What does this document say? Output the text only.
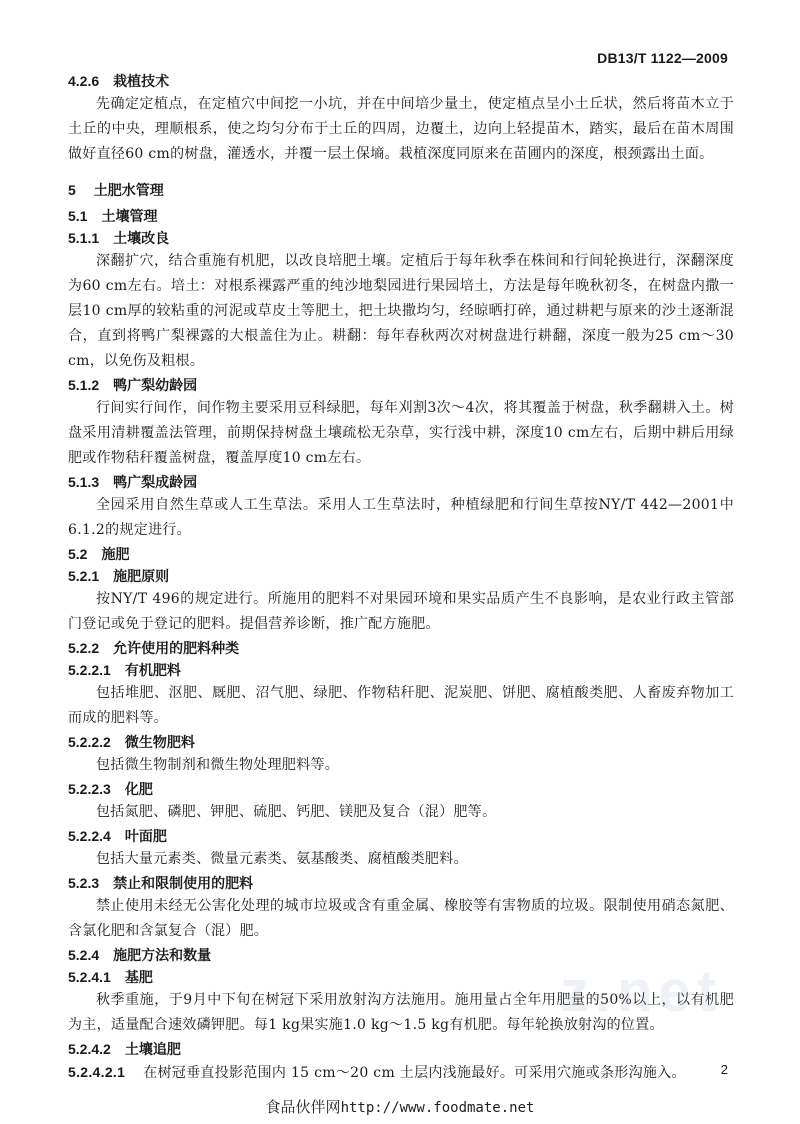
DB13/T 1122—2009
4.2.6 栽植技术

先确定定植点，在定植穴中间挖一小坑，并在中间培少量土，使定植点呈小土丘状，然后将苗木立于土丘的中央，理顺根系，使之均匀分布于土丘的四周，边覆土，边向上轻提苗木，踏实，最后在苗木周围做好直径60 cm的树盘，灌透水，并覆一层土保墒。栽植深度同原来在苗圃内的深度，根颈露出土面。

5 土肥水管理
5.1 土壤管理
5.1.1 土壤改良

深翻扩穴，结合重施有机肥，以改良培肥土壤。定植后于每年秋季在株间和行间轮换进行，深翻深度为60 cm左右。培土：对根系裸露严重的纯沙地梨园进行果园培土，方法是每年晚秋初冬，在树盘内撒一层10 cm厚的较粘重的河泥或草皮土等肥土，把土块撒均匀，经晾晒打碎，通过耕耙与原来的沙土逐渐混合，直到将鸭广梨裸露的大根盖住为止。耕翻：每年春秋两次对树盘进行耕翻，深度一般为25 cm～30 cm，以免伤及粗根。

5.1.2 鸭广梨幼龄园

行间实行间作，间作物主要采用豆科绿肥，每年刈割3次～4次，将其覆盖于树盘，秋季翻耕入土。树盘采用清耕覆盖法管理，前期保持树盘土壤疏松无杂草，实行浅中耕，深度10 cm左右，后期中耕后用绿肥或作物秸秆覆盖树盘，覆盖厚度10 cm左右。

5.1.3 鸭广梨成龄园

全园采用自然生草或人工生草法。采用人工生草法时，种植绿肥和行间生草按NY/T 442—2001中6.1.2的规定进行。

5.2 施肥
5.2.1 施肥原则

按NY/T 496的规定进行。所施用的肥料不对果园环境和果实品质产生不良影响，是农业行政主管部门登记或免于登记的肥料。提倡营养诊断，推广配方施肥。

5.2.2 允许使用的肥料种类
5.2.2.1 有机肥料

包括堆肥、沤肥、厩肥、沼气肥、绿肥、作物秸秆肥、泥炭肥、饼肥、腐植酸类肥、人畜废弃物加工而成的肥料等。

5.2.2.2 微生物肥料

包括微生物制剂和微生物处理肥料等。

5.2.2.3 化肥

包括氮肥、磷肥、钾肥、硫肥、钙肥、镁肥及复合（混）肥等。

5.2.2.4 叶面肥

包括大量元素类、微量元素类、氨基酸类、腐植酸类肥料。

5.2.3 禁止和限制使用的肥料

禁止使用未经无公害化处理的城市垃圾或含有重金属、橡胶等有害物质的垃圾。限制使用硝态氮肥、含氯化肥和含氯复合（混）肥。

5.2.4 施肥方法和数量
5.2.4.1 基肥

秋季重施，于9月中下旬在树冠下采用放射沟方法施用。施用量占全年用肥量的50%以上，以有机肥为主，适量配合速效磷钾肥。每1 kg果实施1.0 kg～1.5 kg有机肥。每年轮换放射沟的位置。

5.2.4.2 土壤追肥

5.2.4.2.1 在树冠垂直投影范围内 15 cm～20 cm 土层内浅施最好。可采用穴施或条形沟施入。

z.net
2
食品伙伴网http://www.foodmate.net
